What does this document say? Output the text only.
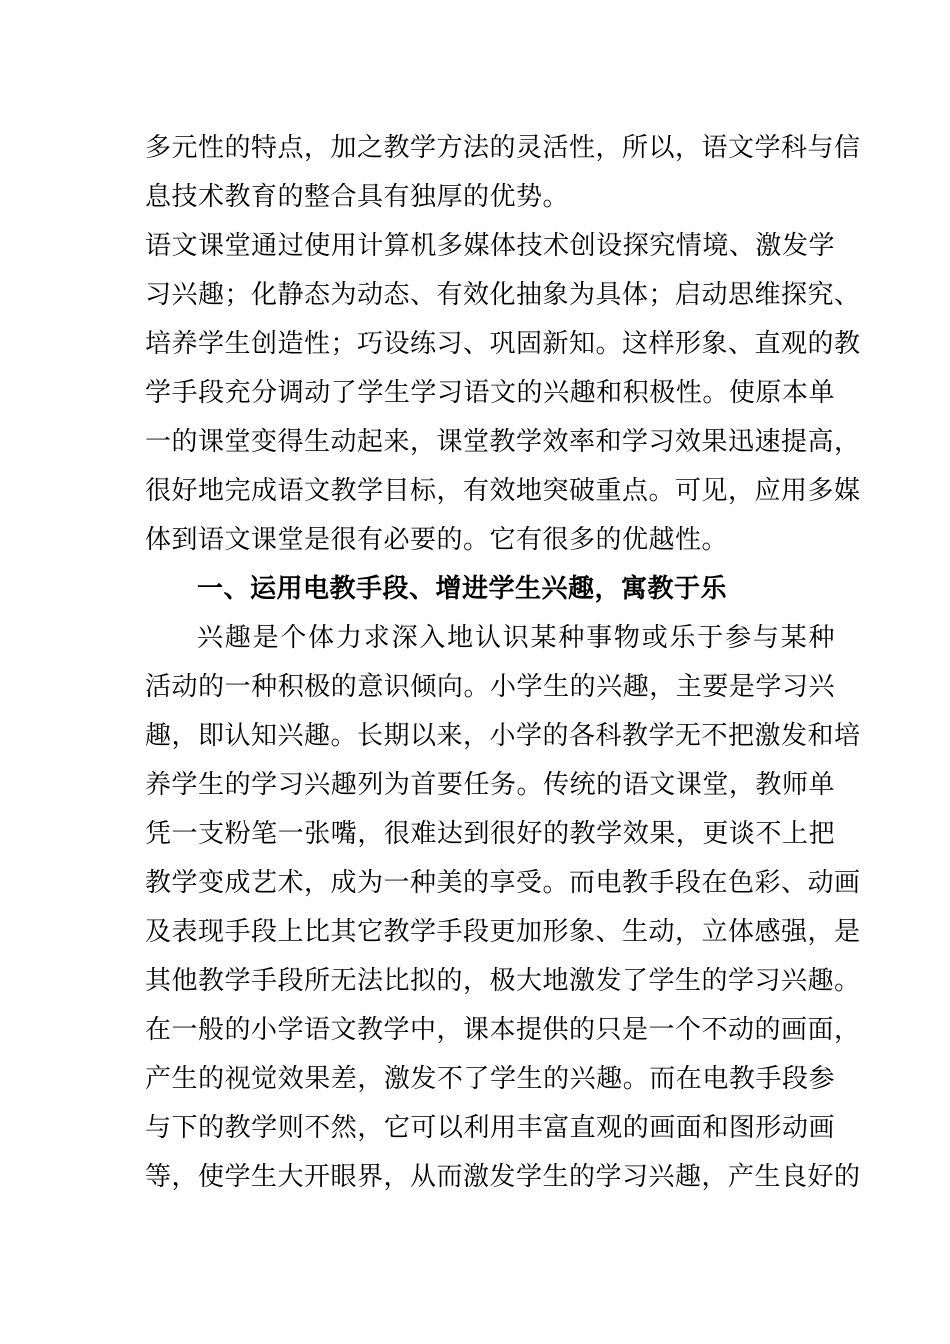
多元性的特点，加之教学方法的灵活性，所以，语文学科与信
息技术教育的整合具有独厚的优势。
语文课堂通过使用计算机多媒体技术创设探究情境、激发学
习兴趣；化静态为动态、有效化抽象为具体；启动思维探究、
培养学生创造性；巧设练习、巩固新知。这样形象、直观的教
学手段充分调动了学生学习语文的兴趣和积极性。使原本单
一的课堂变得生动起来，课堂教学效率和学习效果迅速提高，
很好地完成语文教学目标，有效地突破重点。可见，应用多媒
体到语文课堂是很有必要的。它有很多的优越性。
一、运用电教手段、增进学生兴趣，寓教于乐
兴趣是个体力求深入地认识某种事物或乐于参与某种
活动的一种积极的意识倾向。小学生的兴趣，主要是学习兴
趣，即认知兴趣。长期以来，小学的各科教学无不把激发和培
养学生的学习兴趣列为首要任务。传统的语文课堂，教师单
凭一支粉笔一张嘴，很难达到很好的教学效果，更谈不上把
教学变成艺术，成为一种美的享受。而电教手段在色彩、动画
及表现手段上比其它教学手段更加形象、生动，立体感强，是
其他教学手段所无法比拟的，极大地激发了学生的学习兴趣。
在一般的小学语文教学中，课本提供的只是一个不动的画面，
产生的视觉效果差，激发不了学生的兴趣。而在电教手段参
与下的教学则不然，它可以利用丰富直观的画面和图形动画
等，使学生大开眼界，从而激发学生的学习兴趣，产生良好的
